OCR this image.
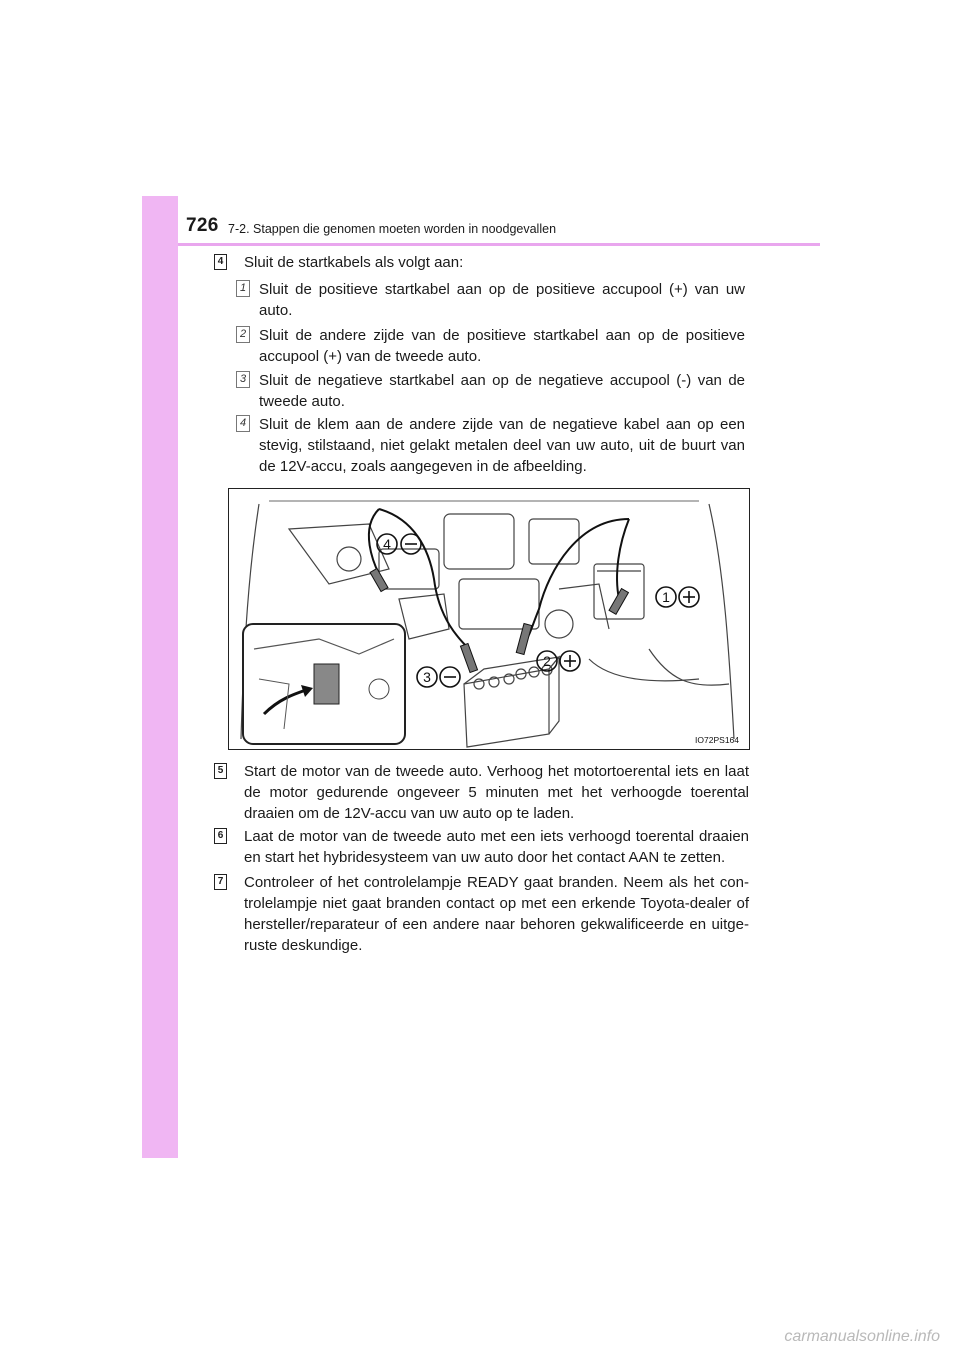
726 7-2. Stappen die genomen moeten worden in noodgevallen
4 Sluit de startkabels als volgt aan:

1 Sluit de positieve startkabel aan op de positieve accupool (+) van uw auto.

2 Sluit de andere zijde van de positieve startkabel aan op de positieve accupool (+) van de tweede auto.

3 Sluit de negatieve startkabel aan op de negatieve accupool (-) van de tweede auto.

4 Sluit de klem aan de andere zijde van de negatieve kabel aan op een stevig, stilstaand, niet gelakt metalen deel van uw auto, uit de buurt van de 12V-accu, zoals aangegeven in de afbeelding.

4
1
3
2
IO72PS164
5 Start de motor van de tweede auto. Verhoog het motortoerental iets en laat de motor gedurende ongeveer 5 minuten met het verhoogde toerental draaien om de 12V-accu van uw auto op te laden.

6 Laat de motor van de tweede auto met een iets verhoogd toerental draaien en start het hybridesysteem van uw auto door het contact AAN te zetten.

7 Controleer of het controlelampje READY gaat branden. Neem als het con-trolelampje niet gaat branden contact op met een erkende Toyota-dealer of hersteller/reparateur of een andere naar behoren gekwalificeerde en uitge-ruste deskundige.

carmanualsonline.info
